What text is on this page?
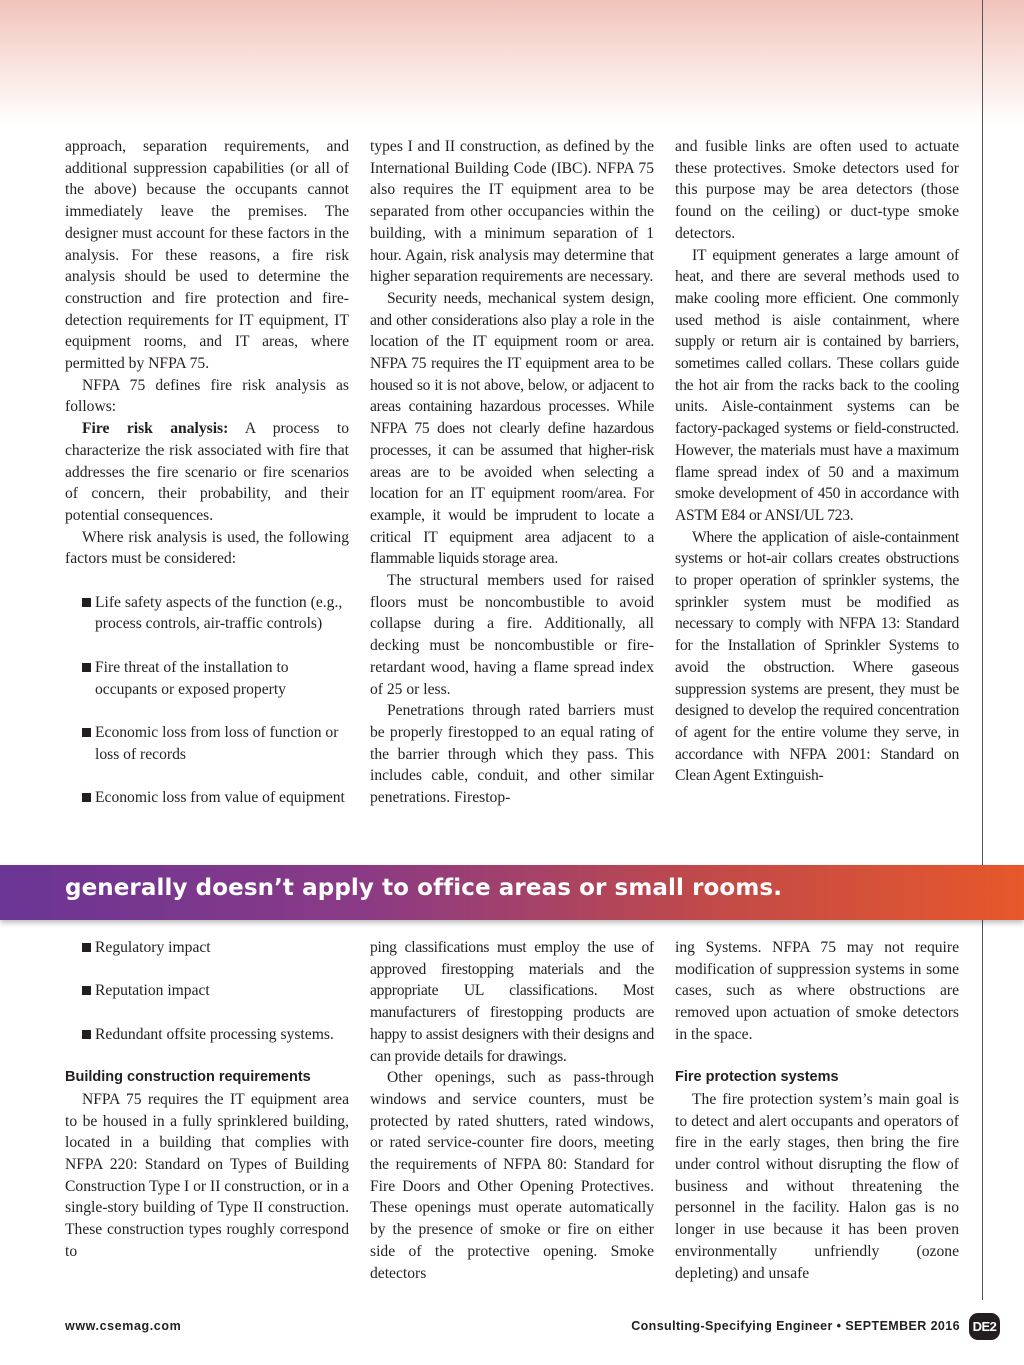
approach, separation requirements, and additional suppression capabilities (or all of the above) because the occupants cannot immediately leave the premises. The designer must account for these factors in the analysis. For these reasons, a fire risk analysis should be used to determine the construction and fire protection and fire-detection requirements for IT equipment, IT equipment rooms, and IT areas, where permitted by NFPA 75.

NFPA 75 defines fire risk analysis as follows:

Fire risk analysis: A process to characterize the risk associated with fire that addresses the fire scenario or fire scenarios of concern, their probability, and their potential consequences.

Where risk analysis is used, the following factors must be considered:

Life safety aspects of the function (e.g., process controls, air-traffic controls)
Fire threat of the installation to occupants or exposed property
Economic loss from loss of function or loss of records
Economic loss from value of equipment

types I and II construction, as defined by the International Building Code (IBC). NFPA 75 also requires the IT equipment area to be separated from other occupancies within the building, with a minimum separation of 1 hour. Again, risk analysis may determine that higher separation requirements are necessary.

Security needs, mechanical system design, and other considerations also play a role in the location of the IT equipment room or area. NFPA 75 requires the IT equipment area to be housed so it is not above, below, or adjacent to areas containing hazardous processes. While NFPA 75 does not clearly define hazardous processes, it can be assumed that higher-risk areas are to be avoided when selecting a location for an IT equipment room/area. For example, it would be imprudent to locate a critical IT equipment area adjacent to a flammable liquids storage area.

The structural members used for raised floors must be noncombustible to avoid collapse during a fire. Additionally, all decking must be noncombustible or fire-retardant wood, having a flame spread index of 25 or less.

Penetrations through rated barriers must be properly firestopped to an equal rating of the barrier through which they pass. This includes cable, conduit, and other similar penetrations. Firestop-

and fusible links are often used to actuate these protectives. Smoke detectors used for this purpose may be area detectors (those found on the ceiling) or duct-type smoke detectors.

IT equipment generates a large amount of heat, and there are several methods used to make cooling more efficient. One commonly used method is aisle containment, where supply or return air is contained by barriers, sometimes called collars. These collars guide the hot air from the racks back to the cooling units. Aisle-containment systems can be factory-packaged systems or field-constructed. However, the materials must have a maximum flame spread index of 50 and a maximum smoke development of 450 in accordance with ASTM E84 or ANSI/UL 723.

Where the application of aisle-containment systems or hot-air collars creates obstructions to proper operation of sprinkler systems, the sprinkler system must be modified as necessary to comply with NFPA 13: Standard for the Installation of Sprinkler Systems to avoid the obstruction. Where gaseous suppression systems are present, they must be designed to develop the required concentration of agent for the entire volume they serve, in accordance with NFPA 2001: Standard on Clean Agent Extinguish-

generally doesn’t apply to office areas or small rooms.
Regulatory impact
Reputation impact
Redundant offsite processing systems.
Building construction requirements

NFPA 75 requires the IT equipment area to be housed in a fully sprinklered building, located in a building that complies with NFPA 220: Standard on Types of Building Construction Type I or II construction, or in a single-story building of Type II construction. These construction types roughly correspond to

ping classifications must employ the use of approved firestopping materials and the appropriate UL classifications. Most manufacturers of firestopping products are happy to assist designers with their designs and can provide details for drawings.

Other openings, such as pass-through windows and service counters, must be protected by rated shutters, rated windows, or rated service-counter fire doors, meeting the requirements of NFPA 80: Standard for Fire Doors and Other Opening Protectives. These openings must operate automatically by the presence of smoke or fire on either side of the protective opening. Smoke detectors

ing Systems. NFPA 75 may not require modification of suppression systems in some cases, such as where obstructions are removed upon actuation of smoke detectors in the space.

Fire protection systems

The fire protection system’s main goal is to detect and alert occupants and operators of fire in the early stages, then bring the fire under control without disrupting the flow of business and without threatening the personnel in the facility. Halon gas is no longer in use because it has been proven environmentally unfriendly (ozone depleting) and unsafe

www.csemag.com	Consulting-Specifying Engineer • SEPTEMBER 2016 DE2
